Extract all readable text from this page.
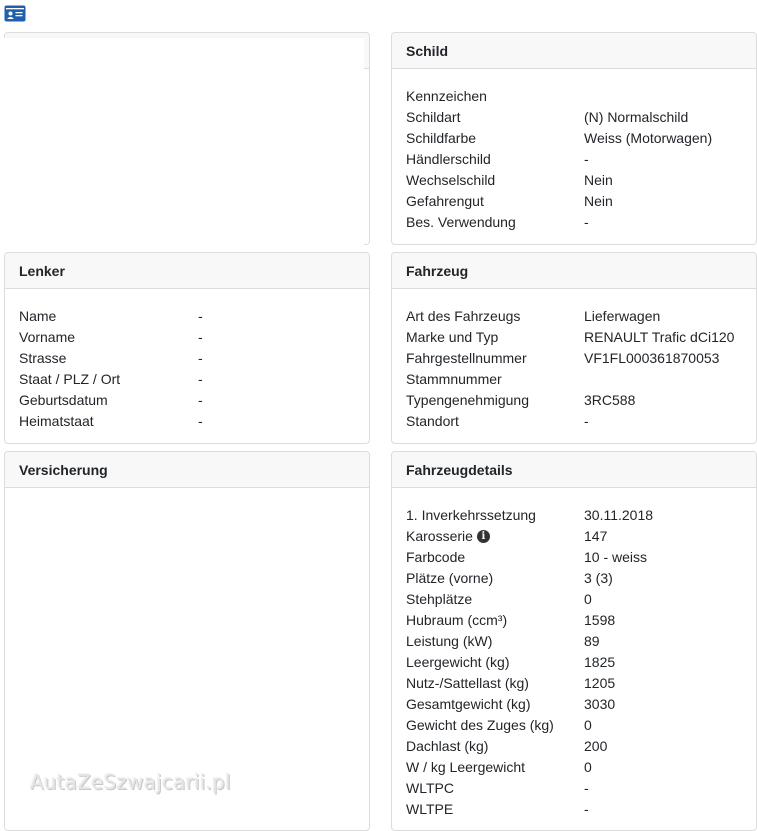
Schild
Kennzeichen
Schildart	(N) Normalschild
Schildfarbe	Weiss (Motorwagen)
Händlerschild	-
Wechselschild	Nein
Gefahrengut	Nein
Bes. Verwendung	-
Lenker
Name	-
Vorname	-
Strasse	-
Staat / PLZ / Ort	-
Geburtsdatum	-
Heimatstaat	-
Fahrzeug
Art des Fahrzeugs	Lieferwagen
Marke und Typ	RENAULT Trafic dCi120
Fahrgestellnummer	VF1FL000361870053
Stammnummer
Typengenehmigung	3RC588
Standort	-
Versicherung	Fahrzeugdetails
1. Inverkehrssetzung	30.11.2018
Karosserie i	147
Farbcode	10 - weiss
Plätze (vorne)	3 (3)
Stehplätze	0
Hubraum (ccm³)	1598
Leistung (kW)	89
Leergewicht (kg)	1825
Nutz-/Sattellast (kg)	1205
Gesamtgewicht (kg)	3030
Gewicht des Zuges (kg) 0
Dachlast (kg)	200
W / kg Leergewicht	0
WLTPC	-
WLTPE	-
AutaZeSzwajcarii.pl
